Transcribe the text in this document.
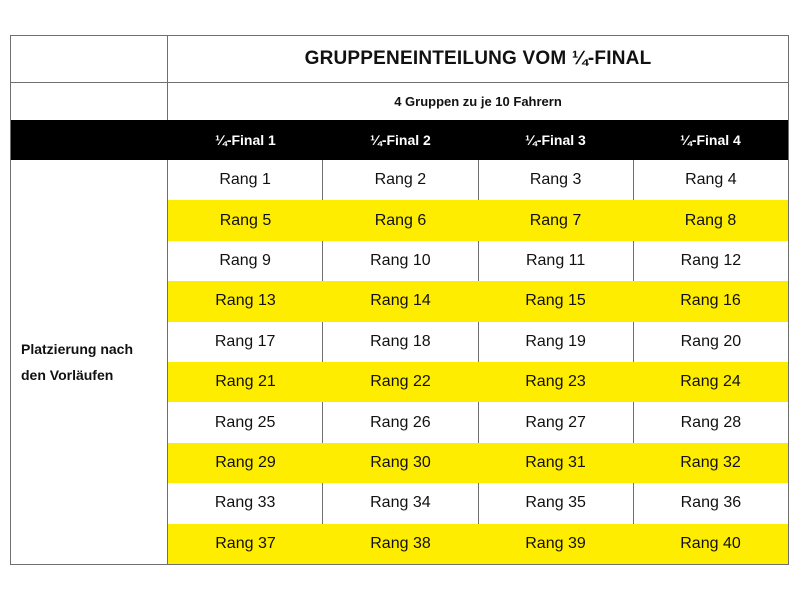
Platzierung nach den Vorläufen
GRUPPENEINTEILUNG VOM ¼-FINAL
4 Gruppen zu je 10 Fahrern
¼-Final 1	¼-Final 2	¼-Final 3	¼-Final 4
Rang 1	Rang 2	Rang 3	Rang 4
Rang 5	Rang 6	Rang 7	Rang 8
Rang 9	Rang 10	Rang 11	Rang 12
Rang 13	Rang 14	Rang 15	Rang 16
Rang 17	Rang 18	Rang 19	Rang 20
Rang 21	Rang 22	Rang 23	Rang 24
Rang 25	Rang 26	Rang 27	Rang 28
Rang 29	Rang 30	Rang 31	Rang 32
Rang 33	Rang 34	Rang 35	Rang 36
Rang 37	Rang 38	Rang 39	Rang 40
